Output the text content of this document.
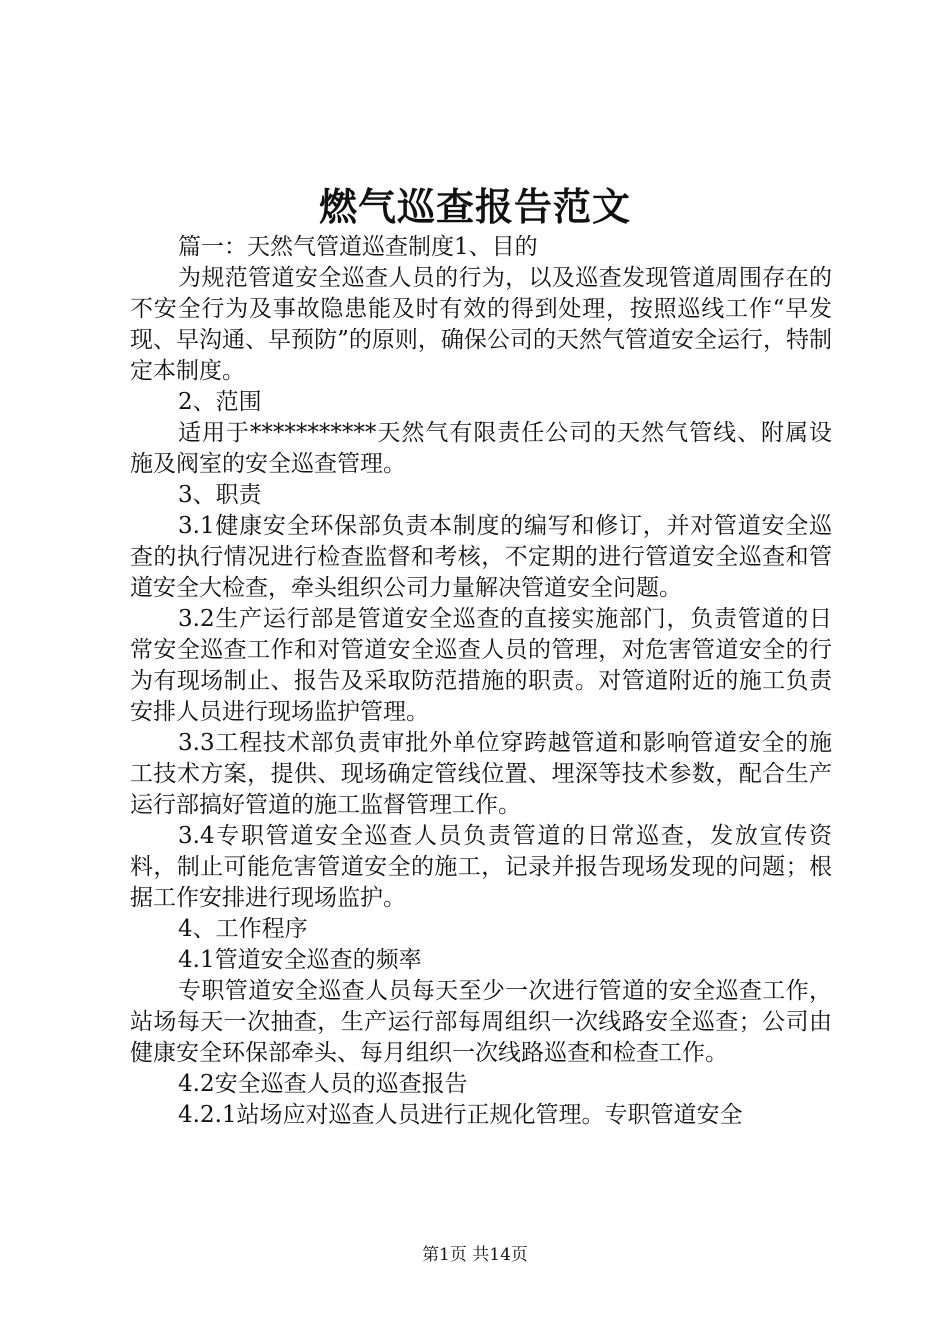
燃气巡查报告范文

篇一：天然气管道巡查制度1、目的

为规范管道安全巡查人员的行为，以及巡查发现管道周围存在的不安全行为及事故隐患能及时有效的得到处理，按照巡线工作“早发现、早沟通、早预防”的原则，确保公司的天然气管道安全运行，特制定本制度。

2、范围

适用于***********天然气有限责任公司的天然气管线、附属设施及阀室的安全巡查管理。

3、职责

3.1健康安全环保部负责本制度的编写和修订，并对管道安全巡查的执行情况进行检查监督和考核，不定期的进行管道安全巡查和管道安全大检查，牵头组织公司力量解决管道安全问题。

3.2生产运行部是管道安全巡查的直接实施部门，负责管道的日常安全巡查工作和对管道安全巡查人员的管理，对危害管道安全的行为有现场制止、报告及采取防范措施的职责。对管道附近的施工负责安排人员进行现场监护管理。

3.3工程技术部负责审批外单位穿跨越管道和影响管道安全的施工技术方案，提供、现场确定管线位置、埋深等技术参数，配合生产运行部搞好管道的施工监督管理工作。

3.4专职管道安全巡查人员负责管道的日常巡查，发放宣传资料，制止可能危害管道安全的施工，记录并报告现场发现的问题；根据工作安排进行现场监护。

4、工作程序

4.1管道安全巡查的频率

专职管道安全巡查人员每天至少一次进行管道的安全巡查工作，站场每天一次抽查，生产运行部每周组织一次线路安全巡查；公司由健康安全环保部牵头、每月组织一次线路巡查和检查工作。

4.2安全巡查人员的巡查报告

4.2.1站场应对巡查人员进行正规化管理。专职管道安全

第1页 共14页
